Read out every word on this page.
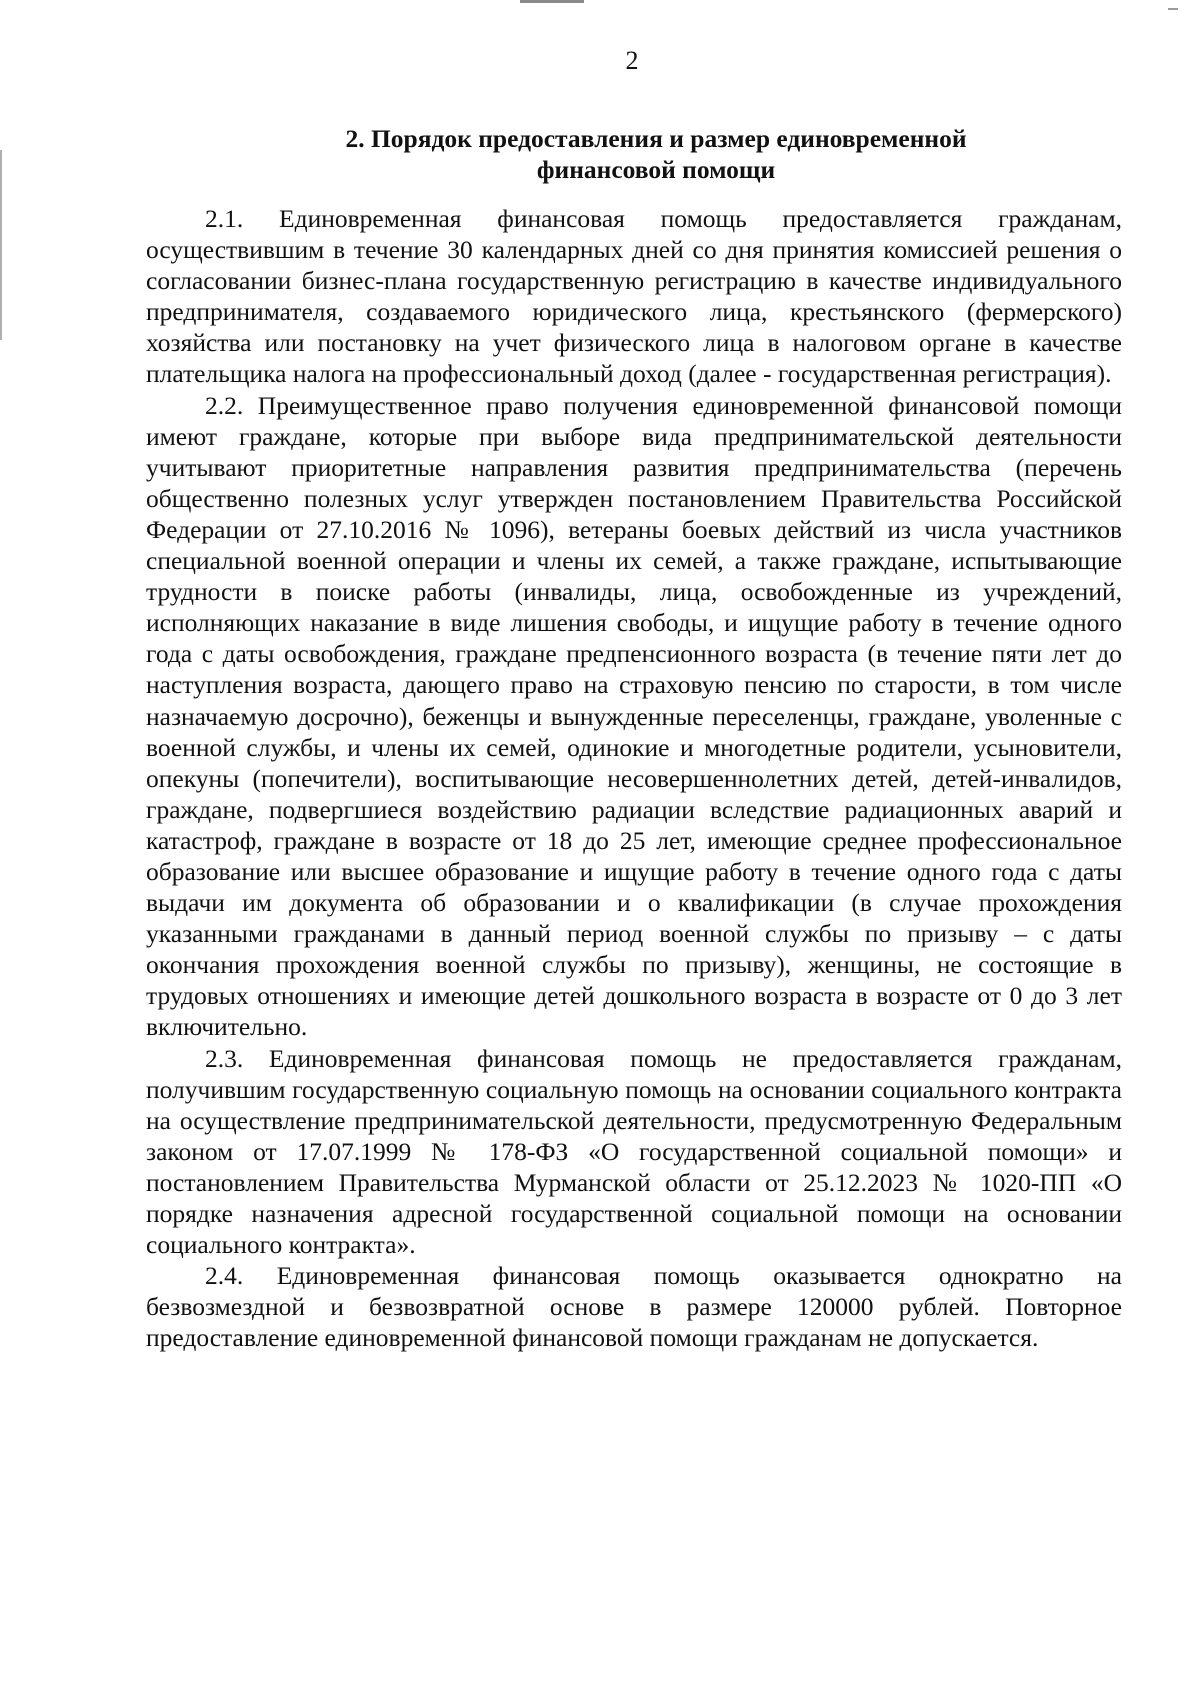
2
2. Порядок предоставления и размер единовременной
финансовой помощи

2.1. Единовременная финансовая помощь предоставляется гражданам, осуществившим в течение 30 календарных дней со дня принятия комиссией решения о согласовании бизнес-плана государственную регистрацию в качестве индивидуального предпринимателя, создаваемого юридического лица, крестьянского (фермерского) хозяйства или постановку на учет физического лица в налоговом органе в качестве плательщика налога на профессиональный доход (далее - государственная регистрация).

2.2. Преимущественное право получения единовременной финансовой помощи имеют граждане, которые при выборе вида предпринимательской деятельности учитывают приоритетные направления развития предпринимательства (перечень общественно полезных услуг утвержден постановлением Правительства Российской Федерации от 27.10.2016 № 1096), ветераны боевых действий из числа участников специальной военной операции и члены их семей, а также граждане, испытывающие трудности в поиске работы (инвалиды, лица, освобожденные из учреждений, исполняющих наказание в виде лишения свободы, и ищущие работу в течение одного года с даты освобождения, граждане предпенсионного возраста (в течение пяти лет до наступления возраста, дающего право на страховую пенсию по старости, в том числе назначаемую досрочно), беженцы и вынужденные переселенцы, граждане, уволенные с военной службы, и члены их семей, одинокие и многодетные родители, усыновители, опекуны (попечители), воспитывающие несовершеннолетних детей, детей-инвалидов, граждане, подвергшиеся воздействию радиации вследствие радиационных аварий и катастроф, граждане в возрасте от 18 до 25 лет, имеющие среднее профессиональное образование или высшее образование и ищущие работу в течение одного года с даты выдачи им документа об образовании и о квалификации (в случае прохождения указанными гражданами в данный период военной службы по призыву – с даты окончания прохождения военной службы по призыву), женщины, не состоящие в трудовых отношениях и имеющие детей дошкольного возраста в возрасте от 0 до 3 лет включительно.

2.3. Единовременная финансовая помощь не предоставляется гражданам, получившим государственную социальную помощь на основании социального контракта на осуществление предпринимательской деятельности, предусмотренную Федеральным законом от 17.07.1999 № 178-ФЗ «О государственной социальной помощи» и постановлением Правительства Мурманской области от 25.12.2023 № 1020-ПП «О порядке назначения адресной государственной социальной помощи на основании социального контракта».

2.4. Единовременная финансовая помощь оказывается однократно на безвозмездной и безвозвратной основе в размере 120000 рублей. Повторное предоставление единовременной финансовой помощи гражданам не допускается.
